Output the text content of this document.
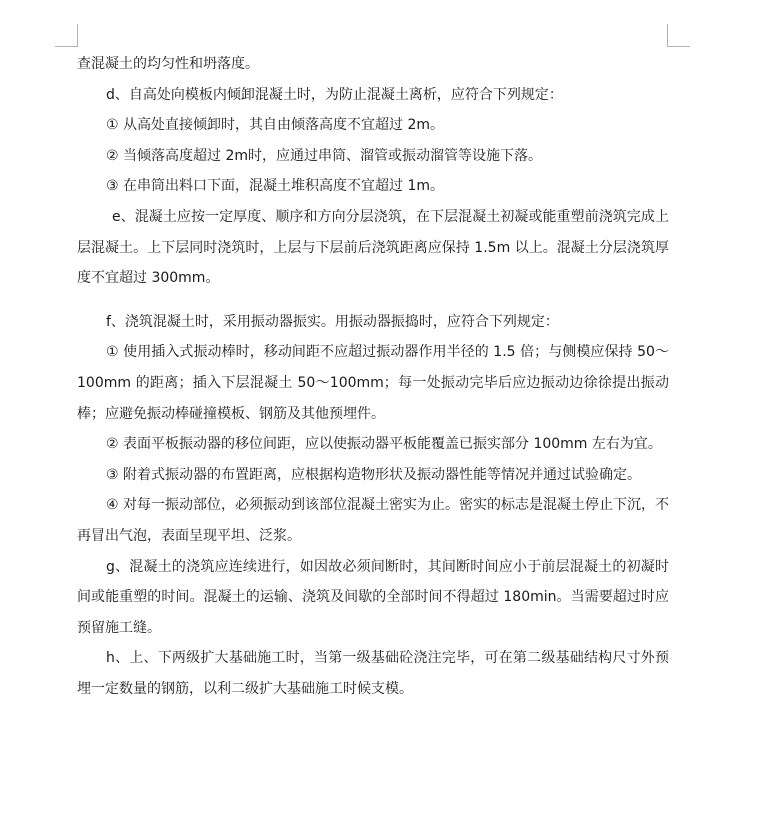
查混凝土的均匀性和坍落度。

d、自高处向模板内倾卸混凝土时，为防止混凝土离析，应符合下列规定：

① 从高处直接倾卸时，其自由倾落高度不宜超过 2m。

② 当倾落高度超过 2m时，应通过串筒、溜管或振动溜管等设施下落。

③ 在串筒出料口下面，混凝土堆积高度不宜超过 1m。

e、混凝土应按一定厚度、顺序和方向分层浇筑，在下层混凝土初凝或能重塑前浇筑完成上层混凝土。上下层同时浇筑时，上层与下层前后浇筑距离应保持 1.5m 以上。混凝土分层浇筑厚度不宜超过 300mm。

f、浇筑混凝土时，采用振动器振实。用振动器振捣时，应符合下列规定：

① 使用插入式振动棒时，移动间距不应超过振动器作用半径的 1.5 倍；与侧模应保持 50～100mm 的距离；插入下层混凝土 50～100mm；每一处振动完毕后应边振动边徐徐提出振动棒；应避免振动棒碰撞模板、钢筋及其他预埋件。

② 表面平板振动器的移位间距，应以使振动器平板能覆盖已振实部分 100mm 左右为宜。

③ 附着式振动器的布置距离，应根据构造物形状及振动器性能等情况并通过试验确定。

④ 对每一振动部位，必须振动到该部位混凝土密实为止。密实的标志是混凝土停止下沉，不再冒出气泡，表面呈现平坦、泛浆。

g、混凝土的浇筑应连续进行，如因故必须间断时，其间断时间应小于前层混凝土的初凝时间或能重塑的时间。混凝土的运输、浇筑及间歇的全部时间不得超过 180min。当需要超过时应预留施工缝。

h、上、下两级扩大基础施工时，当第一级基础砼浇注完毕，可在第二级基础结构尺寸外预埋一定数量的钢筋，以利二级扩大基础施工时候支模。
